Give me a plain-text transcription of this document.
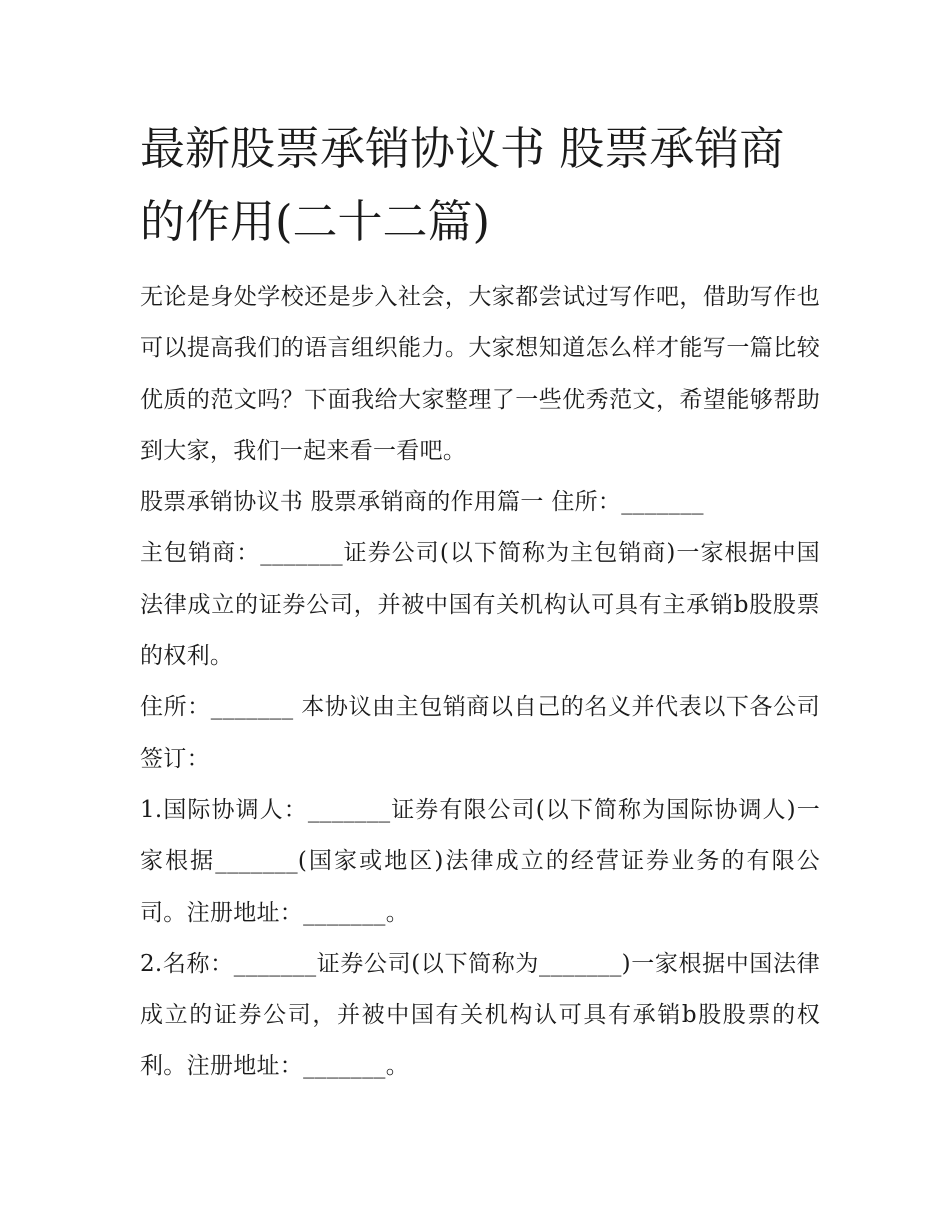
最新股票承销协议书 股票承销商的作用(二十二篇)

无论是身处学校还是步入社会，大家都尝试过写作吧，借助写作也可以提高我们的语言组织能力。大家想知道怎么样才能写一篇比较优质的范文吗？下面我给大家整理了一些优秀范文，希望能够帮助到大家，我们一起来看一看吧。

股票承销协议书 股票承销商的作用篇一 住所：_______

主包销商：_______证券公司(以下简称为主包销商)一家根据中国法律成立的证券公司，并被中国有关机构认可具有主承销b股股票的权利。

住所：_______ 本协议由主包销商以自己的名义并代表以下各公司签订：

1.国际协调人：_______证券有限公司(以下简称为国际协调人)一家根据_______(国家或地区)法律成立的经营证券业务的有限公司。注册地址：_______。

2.名称：_______证券公司(以下简称为_______)一家根据中国法律成立的证券公司，并被中国有关机构认可具有承销b股股票的权利。注册地址：_______。
